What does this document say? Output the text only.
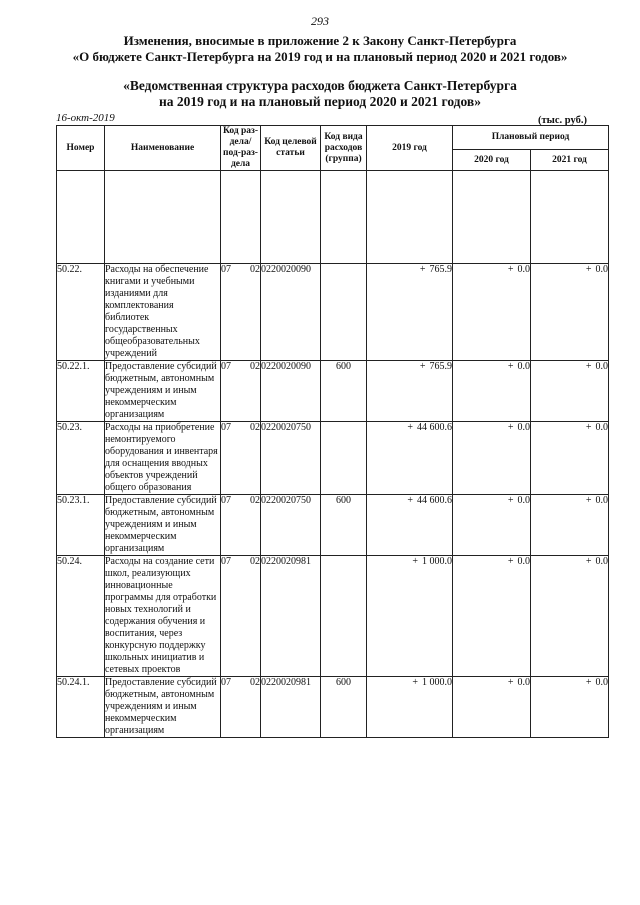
293
Изменения, вносимые в приложение 2 к Закону Санкт-Петербурга
«О бюджете Санкт-Петербурга на 2019 год и на плановый период 2020 и 2021 годов»
«Ведомственная структура расходов бюджета Санкт-Петербурга
на 2019 год и на плановый период 2020 и 2021 годов»
16-окт-2019	(тыс. руб.)
Номер	Наименование	Код раз-дела/ под-раз-дела	Код целевой статьи	Код вида расходов (группа)	2019 год	Плановый период	
						2020 год	2021 год

50.22.	Расходы на обеспечение книгами и учебными изданиями для комплектования библиотек государственных общеобразовательных учреждений	07 02	0220020090		+ 765.9	+ 0.0	+ 0.0
50.22.1.	Предоставление субсидий бюджетным, автономным учреждениям и иным некоммерческим организациям	07 02	0220020090	600	+ 765.9	+ 0.0	+ 0.0
50.23.	Расходы на приобретение немонтируемого оборудования и инвентаря для оснащения вводных объектов учреждений общего образования	07 02	0220020750		+ 44 600.6	+ 0.0	+ 0.0
50.23.1.	Предоставление субсидий бюджетным, автономным учреждениям и иным некоммерческим организациям	07 02	0220020750	600	+ 44 600.6	+ 0.0	+ 0.0
50.24.	Расходы на создание сети школ, реализующих инновационные программы для отработки новых технологий и содержания обучения и воспитания, через конкурсную поддержку школьных инициатив и сетевых проектов	07 02	0220020981		+ 1 000.0	+ 0.0	+ 0.0
50.24.1.	Предоставление субсидий бюджетным, автономным учреждениям и иным некоммерческим организациям	07 02	0220020981	600	+ 1 000.0	+ 0.0	+ 0.0
